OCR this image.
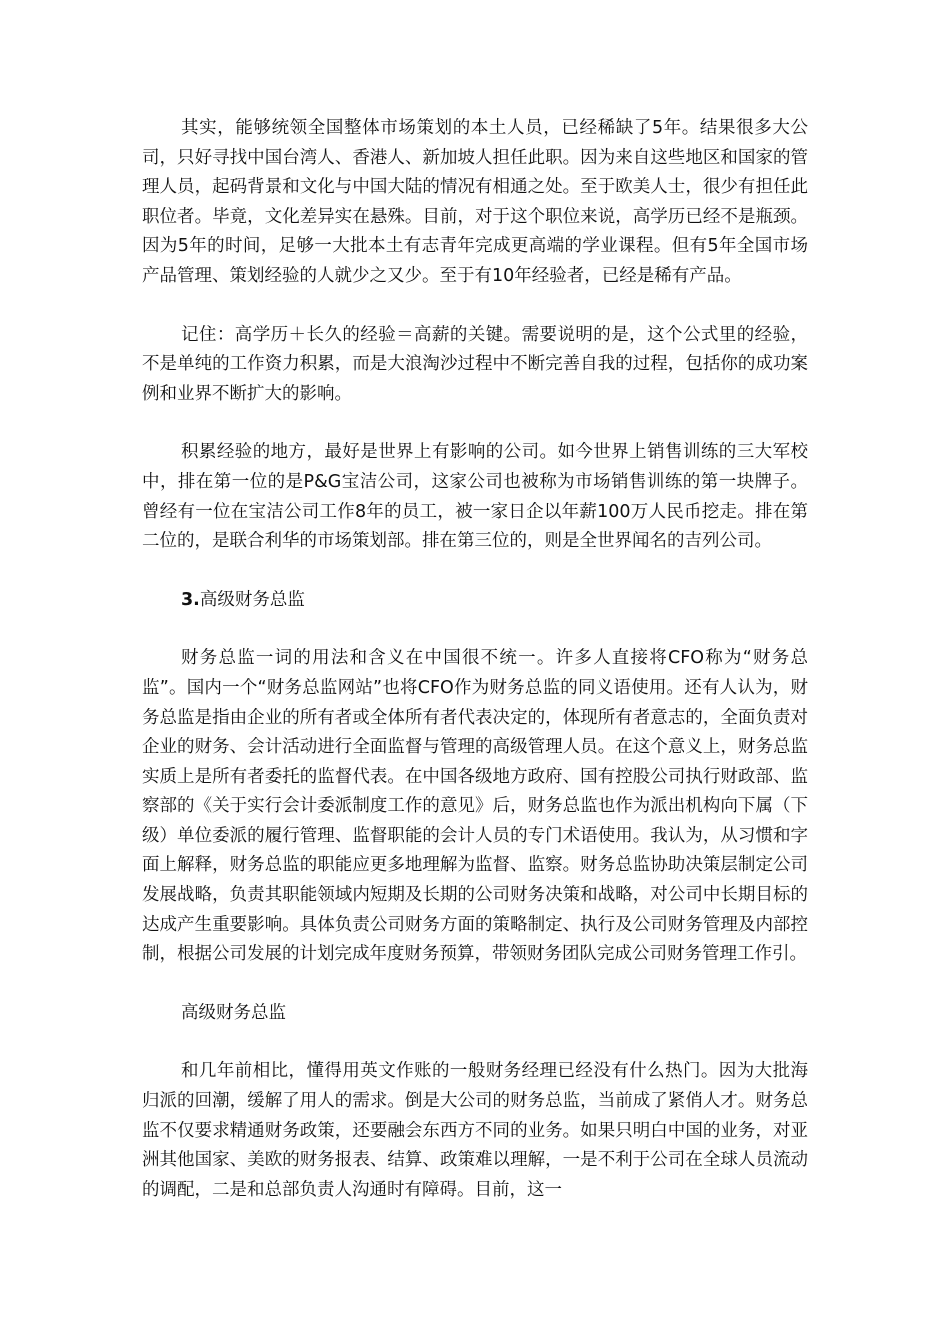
其实，能够统领全国整体市场策划的本土人员，已经稀缺了5年。结果很多大公司，只好寻找中国台湾人、香港人、新加坡人担任此职。因为来自这些地区和国家的管理人员，起码背景和文化与中国大陆的情况有相通之处。至于欧美人士，很少有担任此职位者。毕竟，文化差异实在悬殊。目前，对于这个职位来说，高学历已经不是瓶颈。因为5年的时间，足够一大批本土有志青年完成更高端的学业课程。但有5年全国市场产品管理、策划经验的人就少之又少。至于有10年经验者，已经是稀有产品。

记住：高学历＋长久的经验＝高薪的关键。需要说明的是，这个公式里的经验，不是单纯的工作资力积累，而是大浪淘沙过程中不断完善自我的过程，包括你的成功案例和业界不断扩大的影响。

积累经验的地方，最好是世界上有影响的公司。如今世界上销售训练的三大军校中，排在第一位的是P&G宝洁公司，这家公司也被称为市场销售训练的第一块牌子。曾经有一位在宝洁公司工作8年的员工，被一家日企以年薪100万人民币挖走。排在第二位的，是联合利华的市场策划部。排在第三位的，则是全世界闻名的吉列公司。

3.高级财务总监

财务总监一词的用法和含义在中国很不统一。许多人直接将CFO称为“财务总监”。国内一个“财务总监网站”也将CFO作为财务总监的同义语使用。还有人认为，财务总监是指由企业的所有者或全体所有者代表决定的，体现所有者意志的，全面负责对企业的财务、会计活动进行全面监督与管理的高级管理人员。在这个意义上，财务总监实质上是所有者委托的监督代表。在中国各级地方政府、国有控股公司执行财政部、监察部的《关于实行会计委派制度工作的意见》后，财务总监也作为派出机构向下属（下级）单位委派的履行管理、监督职能的会计人员的专门术语使用。我认为，从习惯和字面上解释，财务总监的职能应更多地理解为监督、监察。财务总监协助决策层制定公司发展战略，负责其职能领域内短期及长期的公司财务决策和战略，对公司中长期目标的达成产生重要影响。具体负责公司财务方面的策略制定、执行及公司财务管理及内部控制，根据公司发展的计划完成年度财务预算，带领财务团队完成公司财务管理工作引。

高级财务总监

和几年前相比，懂得用英文作账的一般财务经理已经没有什么热门。因为大批海归派的回潮，缓解了用人的需求。倒是大公司的财务总监，当前成了紧俏人才。财务总监不仅要求精通财务政策，还要融会东西方不同的业务。如果只明白中国的业务，对亚洲其他国家、美欧的财务报表、结算、政策难以理解，一是不利于公司在全球人员流动的调配，二是和总部负责人沟通时有障碍。目前，这一
